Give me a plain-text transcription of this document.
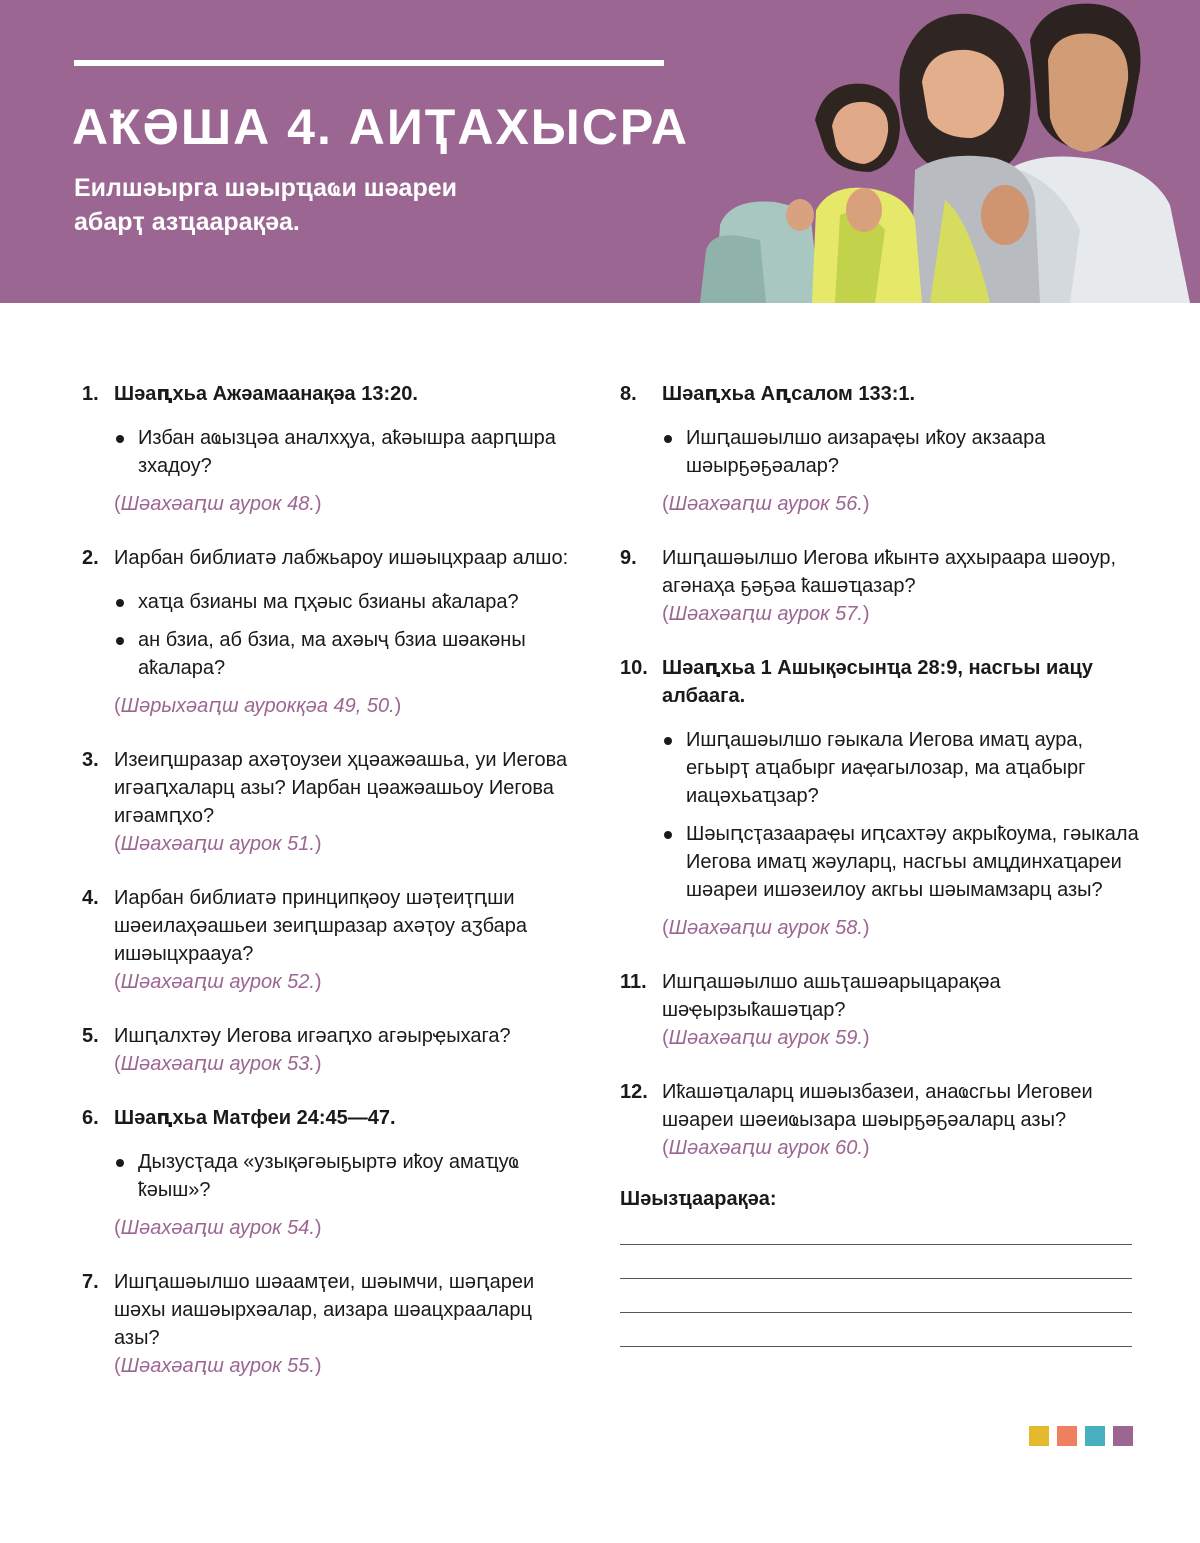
АҞӘША 4. АИҬАХЫСРА

Еилшәырга шәырҵаҩи шәареи абарҭ азҵаарақәа.

1. Шәаԥхьа Ажәамаанақәа 13:20.
Избан аҩызцәа аналхҳуа, аҟәышра аарԥшра зхадоу?
(Шәахәаԥш аурок 48.)
2. Иарбан библиатә лабжьароу ишәыцхраар алшо:
хаҵа бзианы ма ԥҳәыс бзианы аҟалара?
ан бзиа, аб бзиа, ма ахәыҷ бзиа шәакәны аҟалара?
(Шәрыхәаԥш аурокқәа 49, 50.)
3. Изеиԥшразар ахәҭоузеи ҳцәажәашьа, уи Иегова игәаԥхаларц азы? Иарбан цәажәашьоу Иегова игәамԥхо?
(Шәахәаԥш аурок 51.)
4. Иарбан библиатә принципқәоу шәҭеиҭԥши шәеилаҳәашьеи зеиԥшразар ахәҭоу аӡбара ишәыцхраауа?
(Шәахәаԥш аурок 52.)
5. Ишԥалхтәу Иегова игәаԥхо агәырҿыхага?
(Шәахәаԥш аурок 53.)
6. Шәаԥхьа Матфеи 24:45—47.
Дызусҭада «узықәгәыҕыртә иҟоу амаҵуҩ ҟәыш»?
(Шәахәаԥш аурок 54.)
7. Ишԥашәылшо шәаамҭеи, шәымчи, шәԥареи шәхы иашәырхәалар, аизара шәацхраaларц азы?
(Шәахәаԥш аурок 55.)
8.	Шәаԥхьа Аԥсалом 133:1.
Ишԥашәылшо аизараҿы иҟоу акзаара шәырҕәҕәалар?
(Шәахәаԥш аурок 56.)
9.	Ишԥашәылшо Иегова иҟынтә аҳхыраара шәоур, агәнаҳа ҕәҕәа ҟашәҵазар?
(Шәахәаԥш аурок 57.)
10. Шәаԥхьа 1 Ашықәсынҵа 28:9, насгьы иацу албаага.
Ишԥашәылшо гәыкала Иегова имаҵ аура, егьырҭ аҵабырг иаҿагылозар, ма аҵабырг иацәхьаҵзар?
Шәыԥсҭазаараҿы иԥсахтәу акрыҟоума, гәыкала Иегова имаҵ жәуларц, насгьы амцдинхаҵареи шәареи ишәзеилоу акгьы шәымамзарц азы?
(Шәахәаԥш аурок 58.)
11. Ишԥашәылшо ашьҭашәарыцарақәа шәҿырзыҟашәҵар?
(Шәахәаԥш аурок 59.)
12. Иҟашәҵаларц ишәызбазеи, анаҩсгьы Иеговеи шәареи шәеиҩызара шәырҕәҕәаларц азы?
(Шәахәаԥш аурок 60.)
Шәызҵаарақәа:
